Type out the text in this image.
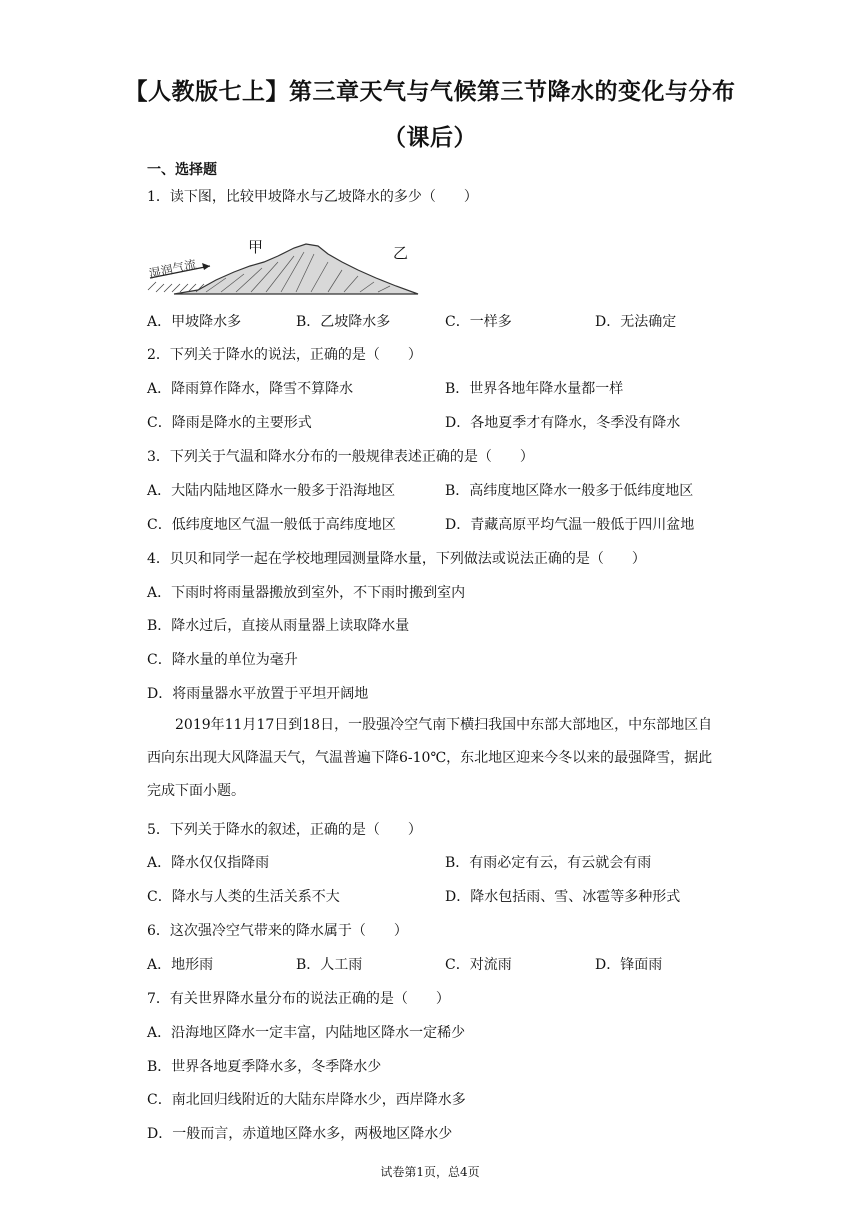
【人教版七上】第三章天气与气候第三节降水的变化与分布
（课后）
一、选择题
1．读下图，比较甲坡降水与乙坡降水的多少（　　）
湿润气流
甲	乙
A．甲坡降水多	B．乙坡降水多	C．一样多	D．无法确定
2．下列关于降水的说法，正确的是（　　）
A．降雨算作降水，降雪不算降水	B．世界各地年降水量都一样
C．降雨是降水的主要形式	D．各地夏季才有降水，冬季没有降水
3．下列关于气温和降水分布的一般规律表述正确的是（　　）
A．大陆内陆地区降水一般多于沿海地区	B．高纬度地区降水一般多于低纬度地区
C．低纬度地区气温一般低于高纬度地区	D．青藏高原平均气温一般低于四川盆地
4．贝贝和同学一起在学校地理园测量降水量，下列做法或说法正确的是（　　）
A．下雨时将雨量器搬放到室外，不下雨时搬到室内
B．降水过后，直接从雨量器上读取降水量
C．降水量的单位为毫升
D．将雨量器水平放置于平坦开阔地
2019年11月17日到18日，一股强冷空气南下横扫我国中东部大部地区，中东部地区自西向东出现大风降温天气，气温普遍下降6-10℃，东北地区迎来今冬以来的最强降雪，据此完成下面小题。
5．下列关于降水的叙述，正确的是（　　）
A．降水仅仅指降雨	B．有雨必定有云，有云就会有雨
C．降水与人类的生活关系不大	D．降水包括雨、雪、冰雹等多种形式
6．这次强冷空气带来的降水属于（　　）
A．地形雨	B．人工雨	C．对流雨	D．锋面雨
7．有关世界降水量分布的说法正确的是（　　）
A．沿海地区降水一定丰富，内陆地区降水一定稀少
B．世界各地夏季降水多，冬季降水少
C．南北回归线附近的大陆东岸降水少，西岸降水多
D．一般而言，赤道地区降水多，两极地区降水少
试卷第1页，总4页
